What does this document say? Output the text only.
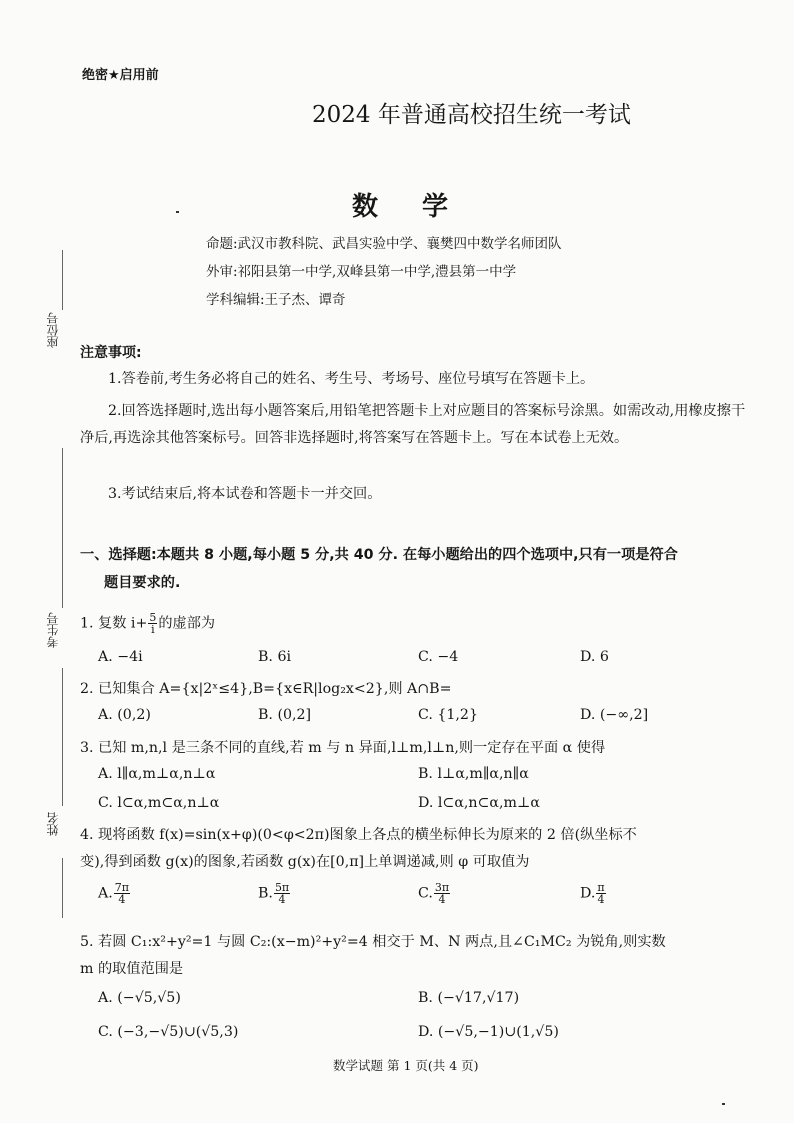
绝密★启用前
2024 年普通高校招生统一考试
数学
命题:武汉市教科院、武昌实验中学、襄樊四中数学名师团队
外审:祁阳县第一中学,双峰县第一中学,澧县第一中学
学科编辑:王子杰、谭奇
座位号
考生号
姓名
注意事项:
1.答卷前,考生务必将自己的姓名、考生号、考场号、座位号填写在答题卡上。
2.回答选择题时,选出每小题答案后,用铅笔把答题卡上对应题目的答案标号涂黑。如需改动,用橡皮擦干净后,再选涂其他答案标号。回答非选择题时,将答案写在答题卡上。写在本试卷上无效。
3.考试结束后,将本试卷和答题卡一并交回。
一、选择题:本题共 8 小题,每小题 5 分,共 40 分. 在每小题给出的四个选项中,只有一项是符合
题目要求的.
1. 复数 $i+ \frac{5}{i}$ 的虚部为
A. −4i	B. 6i	C. −4	D. 6
2. 已知集合 A={x|2ˣ≤4},B={x∈R|log₂x<2},则 A∩B=
A. (0,2)	B. (0,2]	C. {1,2}	D. (−∞,2]
3. 已知 m,n,l 是三条不同的直线,若 m 与 n 异面,l⊥m,l⊥n,则一定存在平面 α 使得
A. l∥α,m⊥α,n⊥α	B. l⊥α,m∥α,n∥α
C. l⊂α,m⊂α,n⊥α	D. l⊂α,n⊂α,m⊥α
4. 现将函数 f(x)=sin(x+φ)(0<φ<2π)图象上各点的横坐标伸长为原来的 2 倍(纵坐标不
变),得到函数 g(x)的图象,若函数 g(x)在[0,π]上单调递减,则 φ 可取值为
A. $\frac{7\pi}{4}$	B. $\frac{5\pi}{4}$	C. $\frac{3\pi}{4}$	D. $\frac{\pi}{4}$
5. 若圆 C₁:x²+y²=1 与圆 C₂:(x−m)²+y²=4 相交于 M、N 两点,且∠C₁MC₂ 为锐角,则实数
m 的取值范围是
A. (−√5,√5)	B. (−√17,√17)
C. (−3,−√5)∪(√5,3)	D. (−√5,−1)∪(1,√5)
数学试题 第 1 页(共 4 页)
